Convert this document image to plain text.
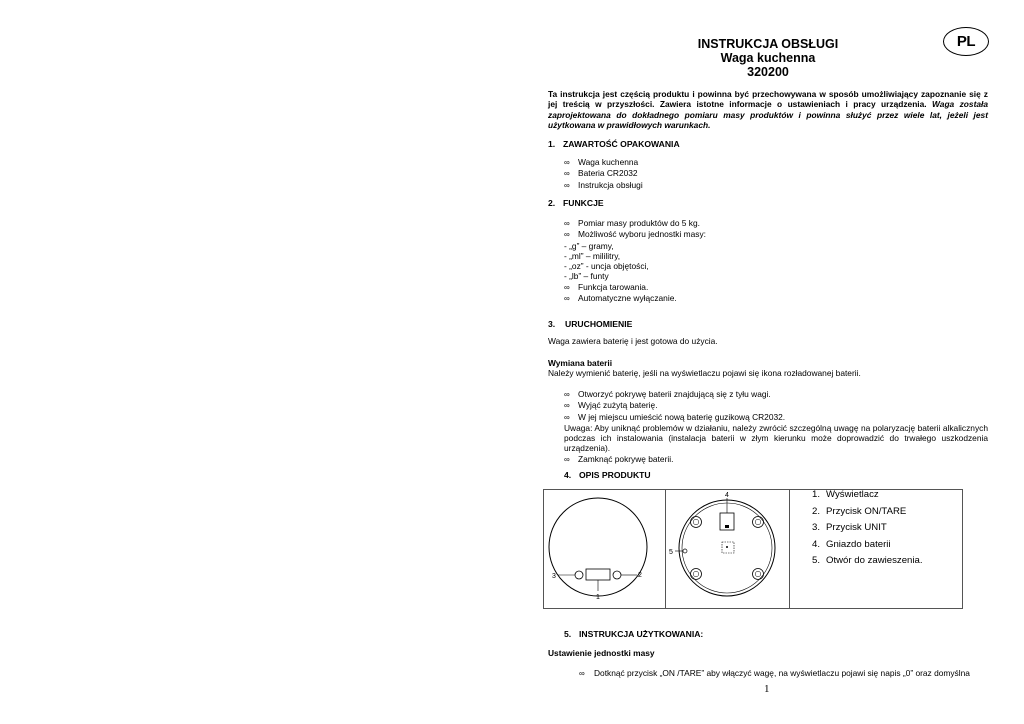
INSTRUKCJA OBSŁUGI
Waga kuchenna
320200
PL
Ta instrukcja jest częścią produktu i powinna być przechowywana w sposób umożliwiający zapoznanie się z jej treścią w przyszłości. Zawiera istotne informacje o ustawieniach i pracy urządzenia. Waga została zaprojektowana do dokładnego pomiaru masy produktów i powinna służyć przez wiele lat, jeżeli jest użytkowana w prawidłowych warunkach.
1. ZAWARTOŚĆ OPAKOWANIA
∞ Waga kuchenna
∞ Bateria CR2032
∞ Instrukcja obsługi
2. FUNKCJE
∞ Pomiar masy produktów do 5 kg.
∞ Możliwość wyboru jednostki masy:
- „g” – gramy,
- „ml” – mililitry,
- „oz” - uncja objętości,
- „lb” – funty
∞ Funkcja tarowania.
∞ Automatyczne wyłączanie.
3. URUCHOMIENIE
Waga zawiera baterię i jest gotowa do użycia.
Wymiana baterii
Należy wymienić baterię, jeśli na wyświetlaczu pojawi się ikona rozładowanej baterii.
∞ Otworzyć pokrywę baterii znajdującą się z tyłu wagi.
∞ Wyjąć zużytą baterię.
∞ W jej miejscu umieścić nową baterię guzikową CR2032.
Uwaga: Aby uniknąć problemów w działaniu, należy zwrócić szczególną uwagę na polaryzację baterii alkalicznych podczas ich instalowania (instalacja baterii w złym kierunku może doprowadzić do trwałego uszkodzenia urządzenia).
∞ Zamknąć pokrywę baterii.
4. OPIS PRODUKTU
3	2
1
4
5
1. Wyświetlacz
2. Przycisk ON/TARE
3. Przycisk UNIT
4. Gniazdo baterii
5. Otwór do zawieszenia.
5. INSTRUKCJA UŻYTKOWANIA:
Ustawienie jednostki masy
∞ Dotknąć przycisk „ON /TARE” aby włączyć wagę, na wyświetlaczu pojawi się napis „0” oraz domyślna
1
